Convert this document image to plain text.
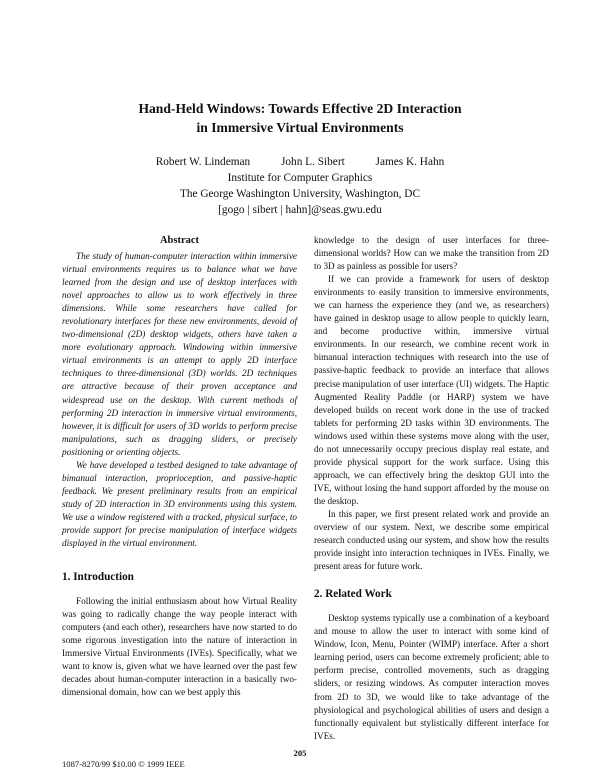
Hand-Held Windows: Towards Effective 2D Interaction
in Immersive Virtual Environments
Robert W. Lindeman	John L. Sibert	James K. Hahn
Institute for Computer Graphics
The George Washington University, Washington, DC
[gogo | sibert | hahn]@seas.gwu.edu
Abstract

The study of human-computer interaction within immersive virtual environments requires us to balance what we have learned from the design and use of desktop interfaces with novel approaches to allow us to work effectively in three dimensions. While some researchers have called for revolutionary interfaces for these new environments, devoid of two-dimensional (2D) desktop widgets, others have taken a more evolutionary approach. Windowing within immersive virtual environments is an attempt to apply 2D interface techniques to three-dimensional (3D) worlds. 2D techniques are attractive because of their proven acceptance and widespread use on the desktop. With current methods of performing 2D interaction in immersive virtual environments, however, it is difficult for users of 3D worlds to perform precise manipulations, such as dragging sliders, or precisely positioning or orienting objects.

We have developed a testbed designed to take advantage of bimanual interaction, proprioception, and passive-haptic feedback. We present preliminary results from an empirical study of 2D interaction in 3D environments using this system. We use a window registered with a tracked, physical surface, to provide support for precise manipulation of interface widgets displayed in the virtual environment.

1. Introduction

Following the initial enthusiasm about how Virtual Reality was going to radically change the way people interact with computers (and each other), researchers have now started to do some rigorous investigation into the nature of interaction in Immersive Virtual Environments (IVEs). Specifically, what we want to know is, given what we have learned over the past few decades about human-computer interaction in a basically two-dimensional domain, how can we best apply this

knowledge to the design of user interfaces for three-dimensional worlds? How can we make the transition from 2D to 3D as painless as possible for users?

If we can provide a framework for users of desktop environments to easily transition to immersive environments, we can harness the experience they (and we, as researchers) have gained in desktop usage to allow people to quickly learn, and become productive within, immersive virtual environments. In our research, we combine recent work in bimanual interaction techniques with research into the use of passive-haptic feedback to provide an interface that allows precise manipulation of user interface (UI) widgets. The Haptic Augmented Reality Paddle (or HARP) system we have developed builds on recent work done in the use of tracked tablets for performing 2D tasks within 3D environments. The windows used within these systems move along with the user, do not unnecessarily occupy precious display real estate, and provide physical support for the work surface. Using this approach, we can effectively bring the desktop GUI into the IVE, without losing the hand support afforded by the mouse on the desktop.

In this paper, we first present related work and provide an overview of our system. Next, we describe some empirical research conducted using our system, and show how the results provide insight into interaction techniques in IVEs. Finally, we present areas for future work.

2. Related Work

Desktop systems typically use a combination of a keyboard and mouse to allow the user to interact with some kind of Window, Icon, Menu, Pointer (WIMP) interface. After a short learning period, users can become extremely proficient; able to perform precise, controlled movements, such as dragging sliders, or resizing windows. As computer interaction moves from 2D to 3D, we would like to take advantage of the physiological and psychological abilities of users and design a functionally equivalent but stylistically different interface for IVEs.

205
1087-8270/99 $10.00 © 1999 IEEE
